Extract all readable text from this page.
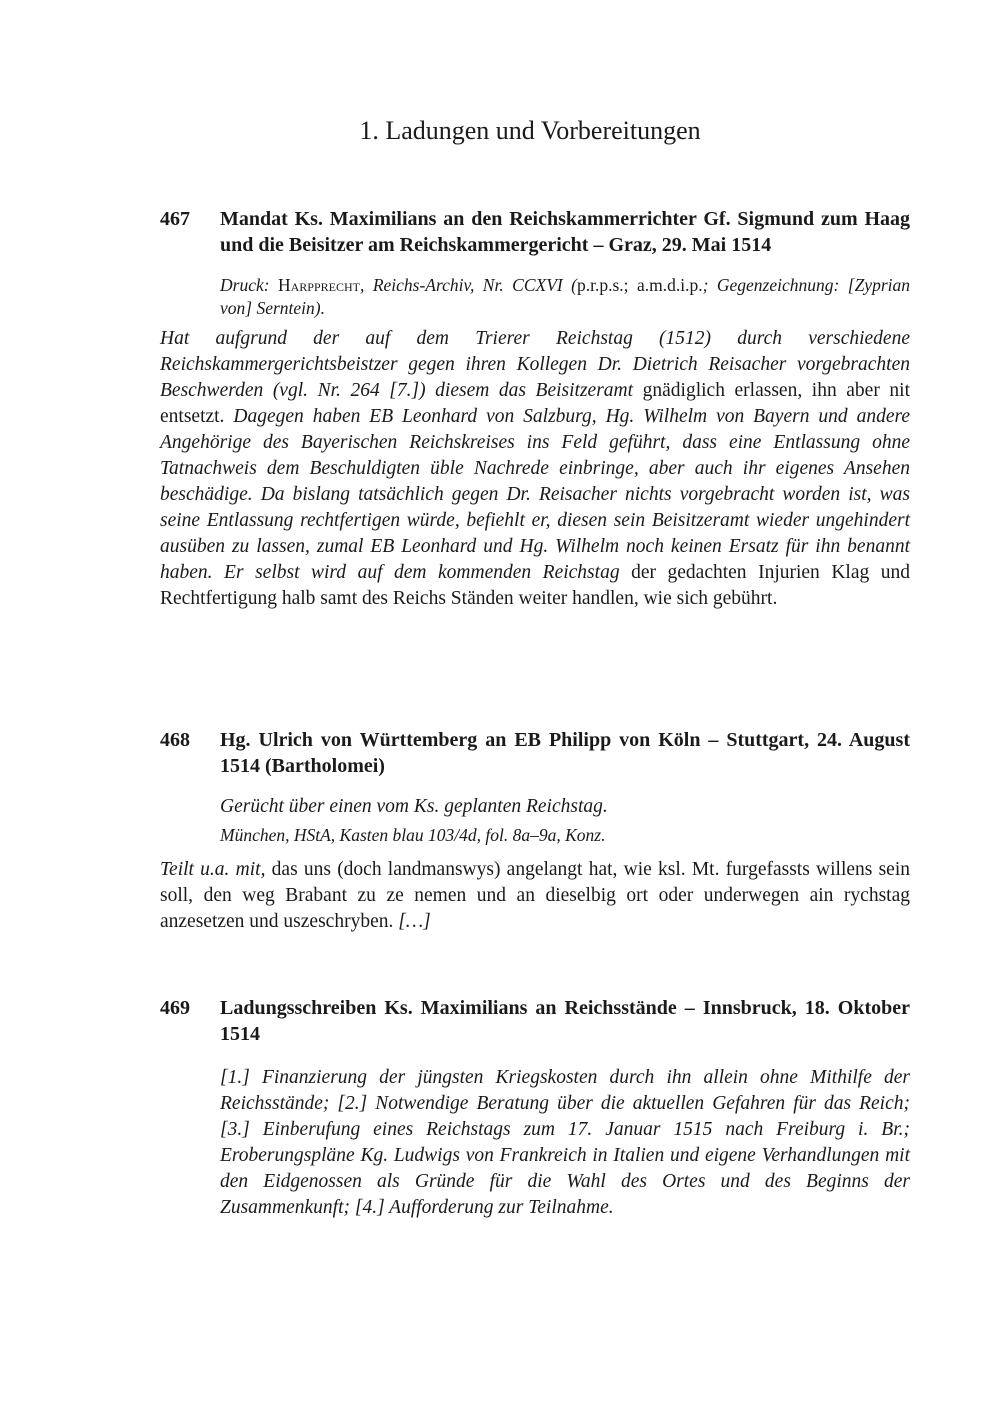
1. Ladungen und Vorbereitungen
467	Mandat Ks. Maximilians an den Reichskammerrichter Gf. Sigmund zum Haag und die Beisitzer am Reichskammergericht – Graz, 29. Mai 1514
Druck: Harpprecht, Reichs-Archiv, Nr. CCXVI (p.r.p.s.; a.m.d.i.p.; Gegenzeichnung: [Zyprian von] Serntein).
Hat aufgrund der auf dem Trierer Reichstag (1512) durch verschiedene Reichskammergerichtsbeistzer gegen ihren Kollegen Dr. Dietrich Reisacher vorgebrachten Beschwerden (vgl. Nr. 264 [7.]) diesem das Beisitzeramt gnädiglich erlassen, ihn aber nit entsetzt. Dagegen haben EB Leonhard von Salzburg, Hg. Wilhelm von Bayern und andere Angehörige des Bayerischen Reichskreises ins Feld geführt, dass eine Entlassung ohne Tatnachweis dem Beschuldigten üble Nachrede einbringe, aber auch ihr eigenes Ansehen beschädige. Da bislang tatsächlich gegen Dr. Reisacher nichts vorgebracht worden ist, was seine Entlassung rechtfertigen würde, befiehlt er, diesen sein Beisitzeramt wieder ungehindert ausüben zu lassen, zumal EB Leonhard und Hg. Wilhelm noch keinen Ersatz für ihn benannt haben. Er selbst wird auf dem kommenden Reichstag der gedachten Injurien Klag und Rechtfertigung halb samt des Reichs Ständen weiter handlen, wie sich gebührt.
468	Hg. Ulrich von Württemberg an EB Philipp von Köln – Stuttgart, 24. August 1514 (Bartholomei)
Gerücht über einen vom Ks. geplanten Reichstag.
München, HStA, Kasten blau 103/4d, fol. 8a–9a, Konz.
Teilt u.a. mit, das uns (doch landmanswys) angelangt hat, wie ksl. Mt. furgefassts willens sein soll, den weg Brabant zu ze nemen und an dieselbig ort oder underwegen ain rychstag anzesetzen und uszeschryben. […]
469	Ladungsschreiben Ks. Maximilians an Reichsstände – Innsbruck, 18. Oktober 1514
[1.] Finanzierung der jüngsten Kriegskosten durch ihn allein ohne Mithilfe der Reichsstände; [2.] Notwendige Beratung über die aktuellen Gefahren für das Reich; [3.] Einberufung eines Reichstags zum 17. Januar 1515 nach Freiburg i. Br.; Eroberungspläne Kg. Ludwigs von Frankreich in Italien und eigene Verhandlungen mit den Eidgenossen als Gründe für die Wahl des Ortes und des Beginns der Zusammenkunft; [4.] Aufforderung zur Teilnahme.
